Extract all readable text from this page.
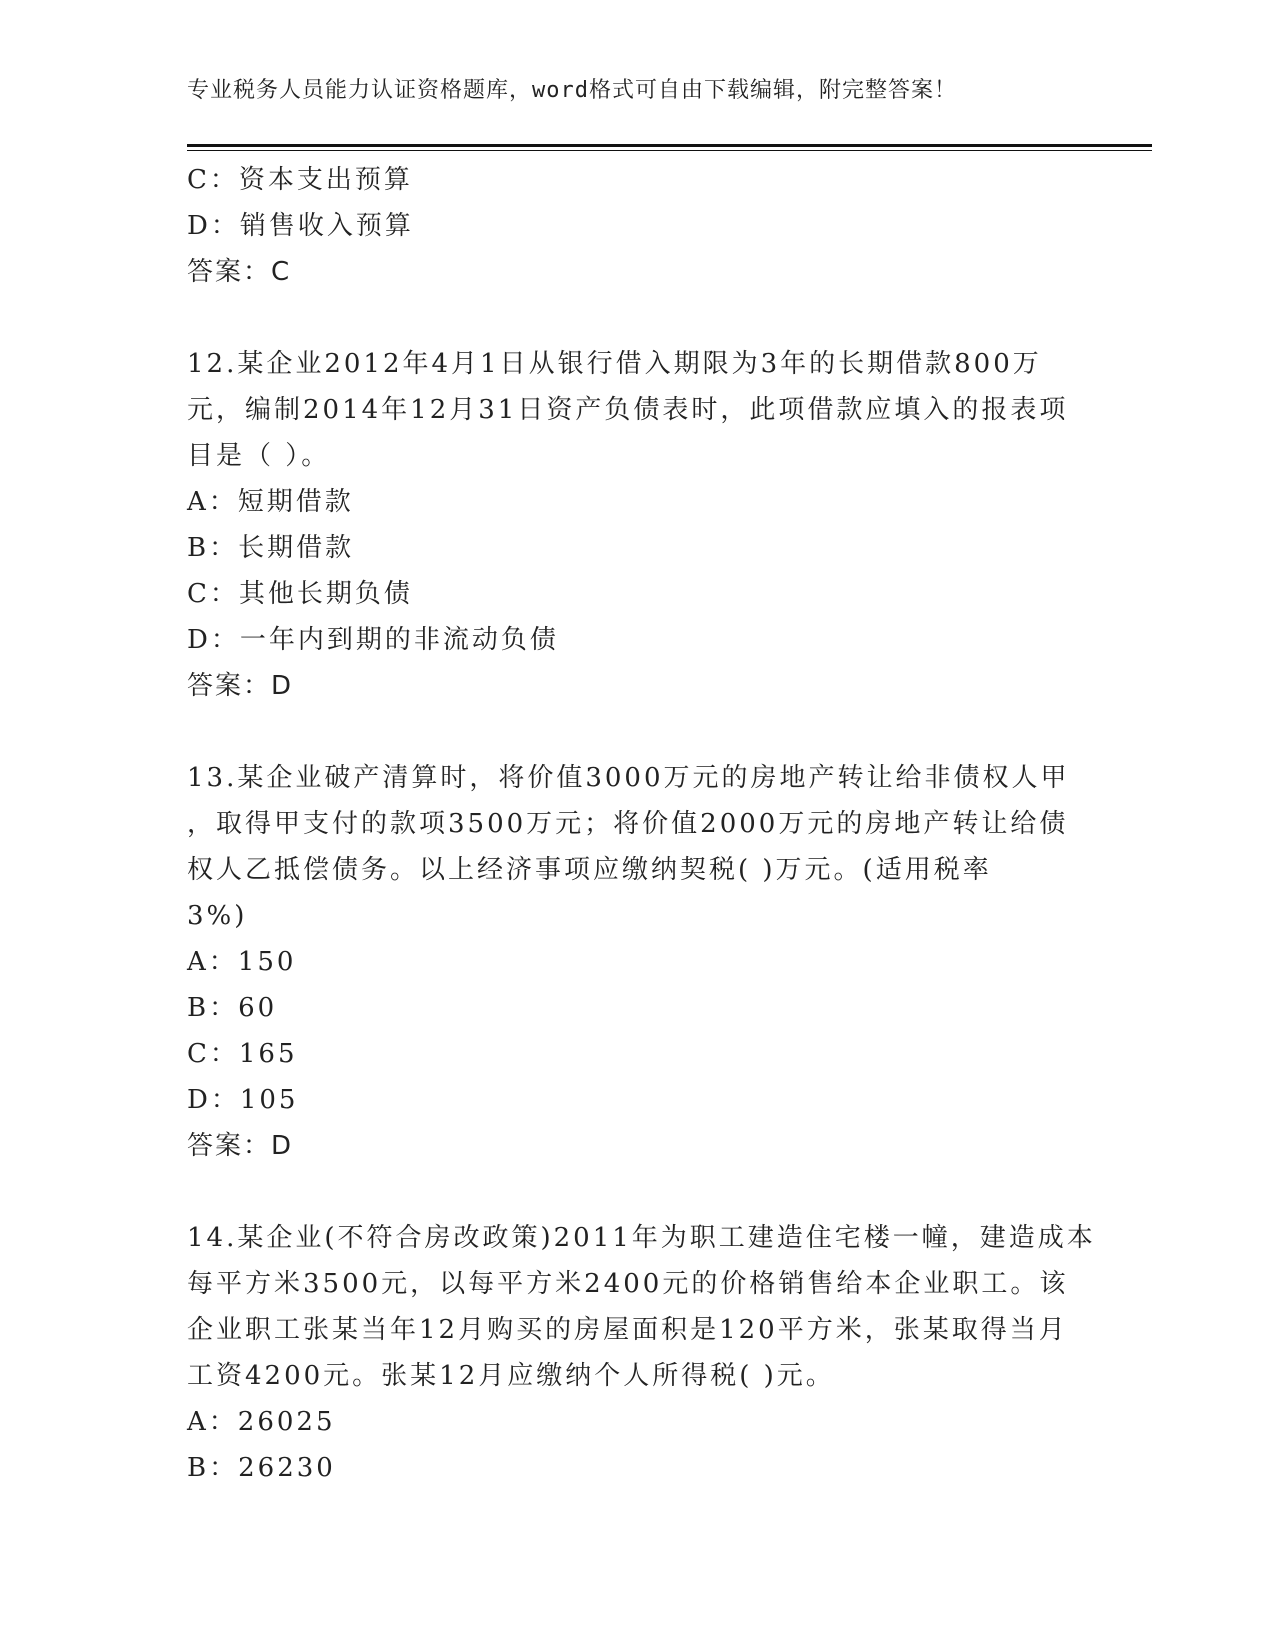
专业税务人员能力认证资格题库，word格式可自由下载编辑，附完整答案！
C：资本支出预算
D：销售收入预算
答案：C
12.某企业2012年4月1日从银行借入期限为3年的长期借款800万
元，编制2014年12月31日资产负债表时，此项借款应填入的报表项
目是（ ）。
A：短期借款
B：长期借款
C：其他长期负债
D：一年内到期的非流动负债
答案：D
13.某企业破产清算时，将价值3000万元的房地产转让给非债权人甲
，取得甲支付的款项3500万元；将价值2000万元的房地产转让给债
权人乙抵偿债务。以上经济事项应缴纳契税( )万元。(适用税率
3%)
A：150
B：60
C：165
D：105
答案：D
14.某企业(不符合房改政策)2011年为职工建造住宅楼一幢，建造成本
每平方米3500元，以每平方米2400元的价格销售给本企业职工。该
企业职工张某当年12月购买的房屋面积是120平方米，张某取得当月
工资4200元。张某12月应缴纳个人所得税( )元。
A：26025
B：26230
